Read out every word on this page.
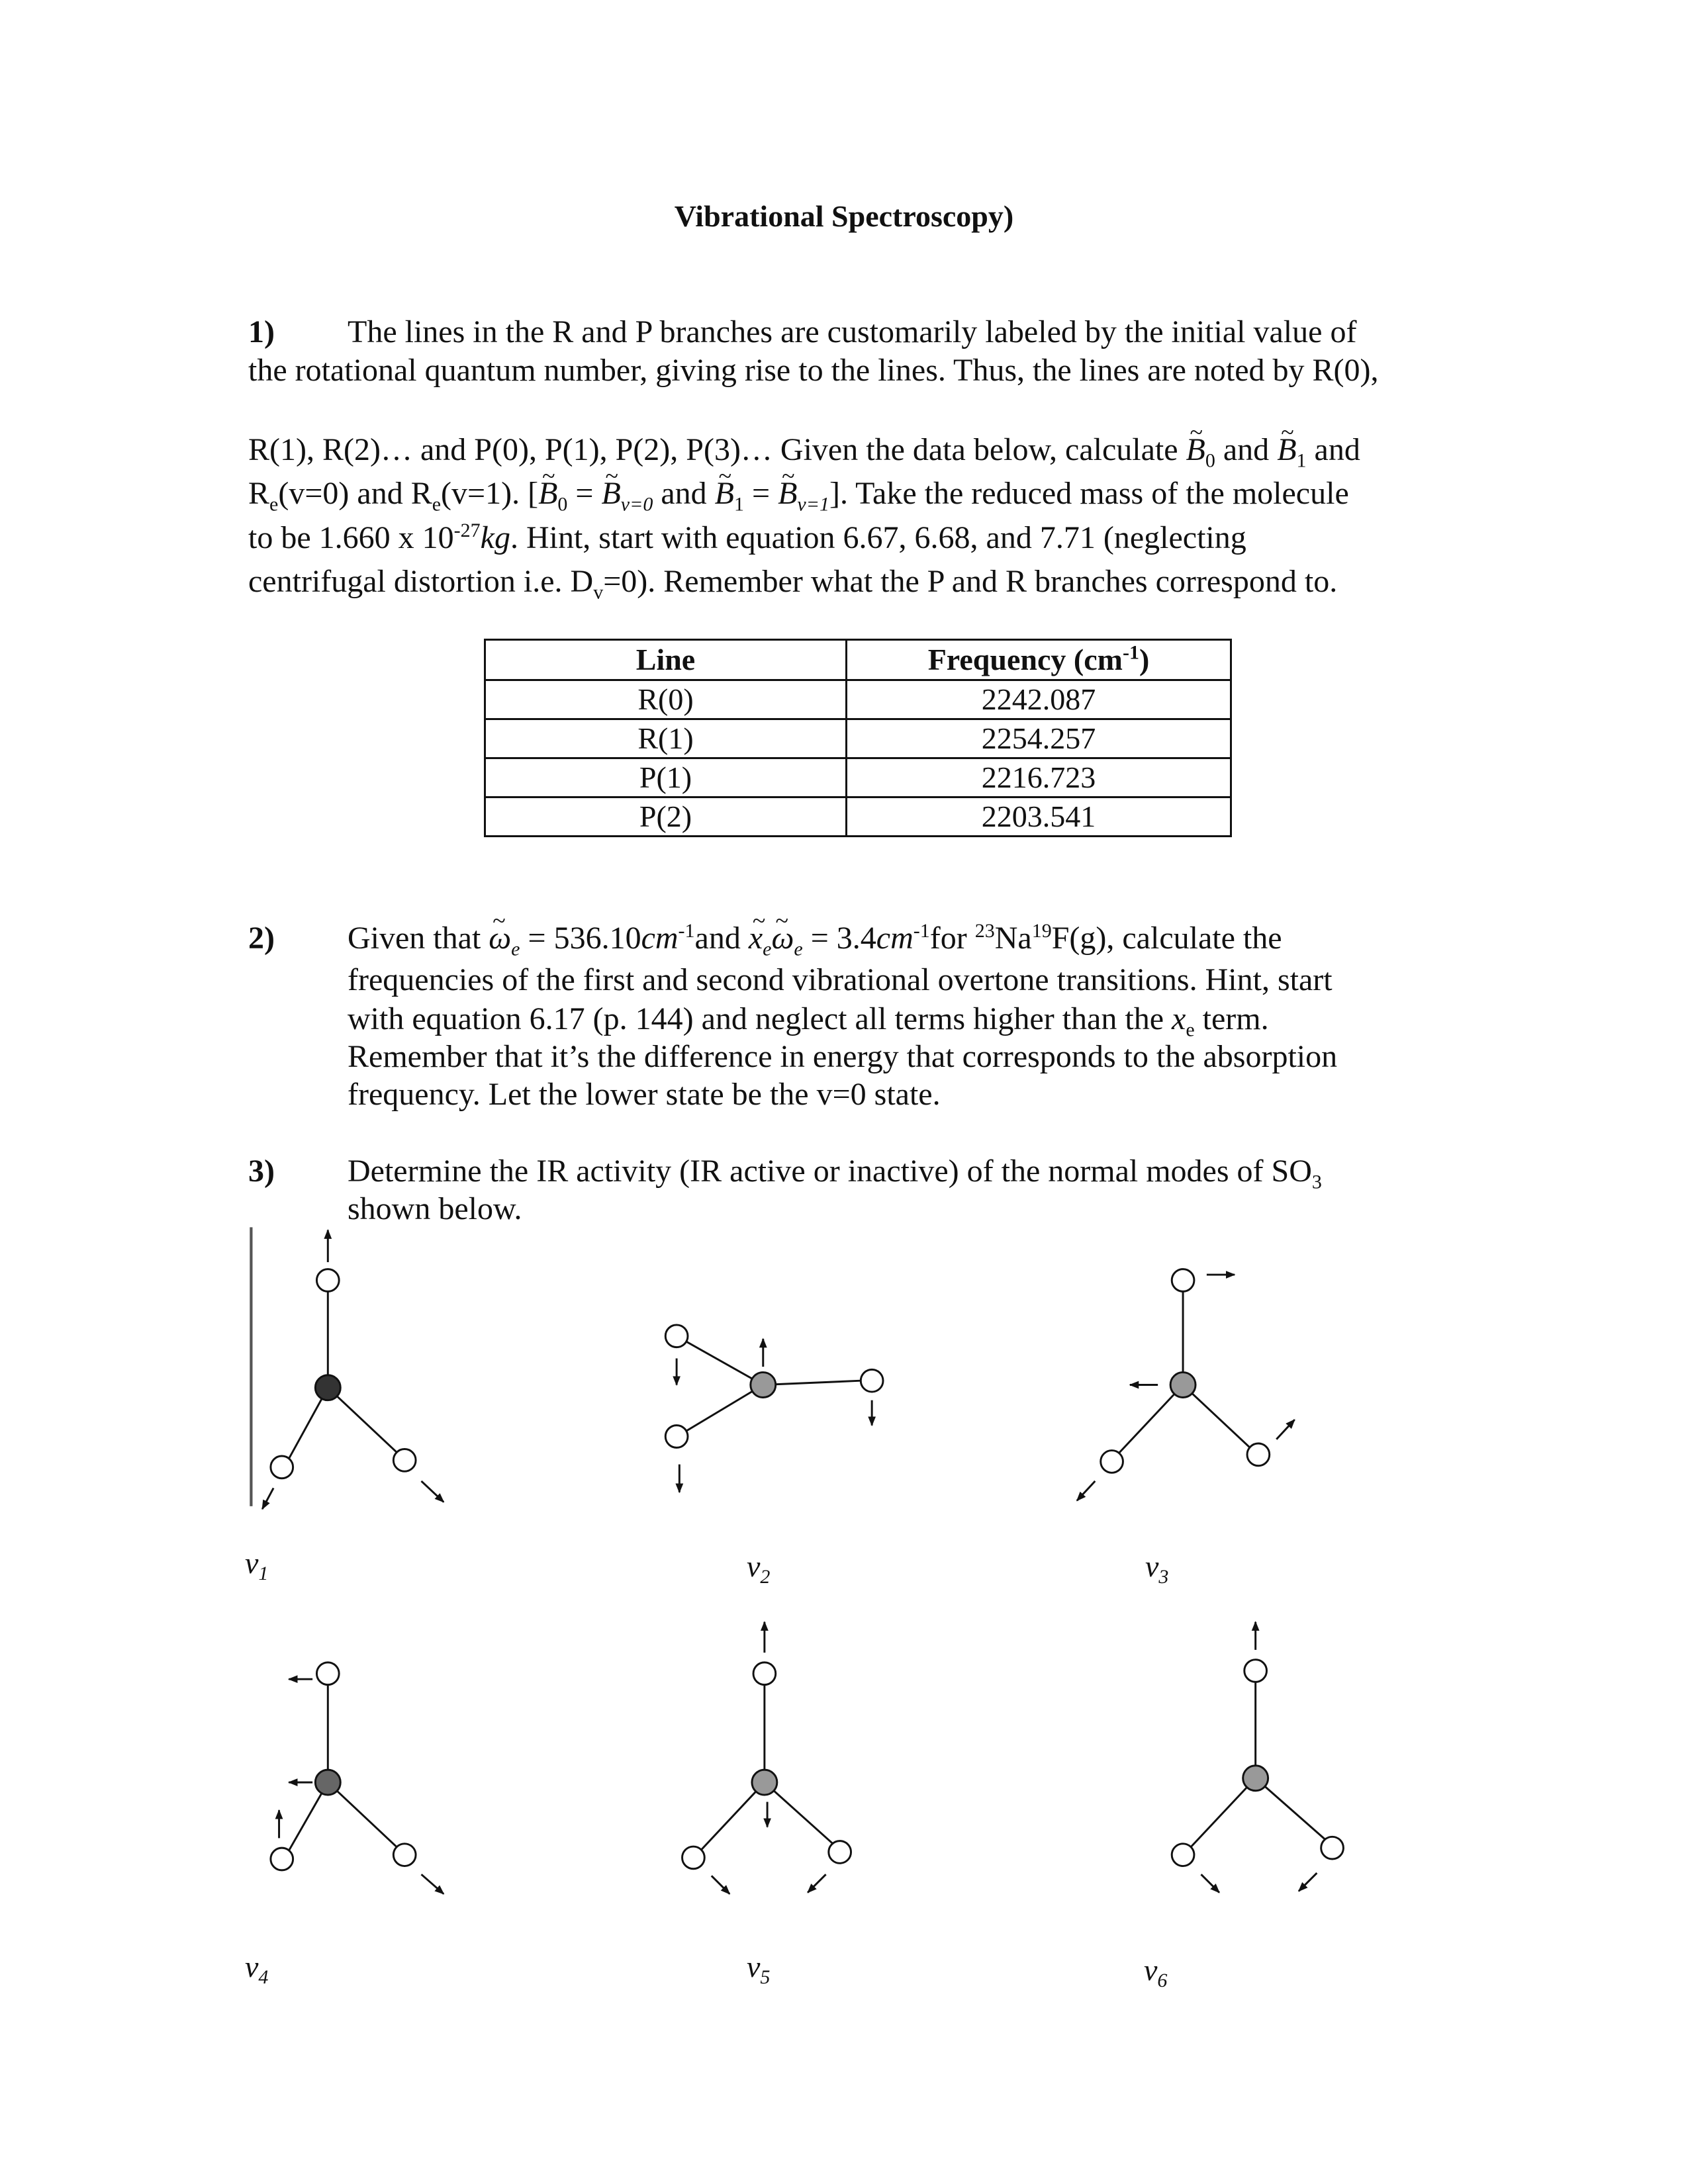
Vibrational Spectroscopy)
1) The lines in the R and P branches are customarily labeled by the initial value of
the rotational quantum number, giving rise to the lines. Thus, the lines are noted by R(0),
R(1), R(2)… and P(0), P(1), P(2), P(3)… Given the data below, calculate ~ $B_0$ and ~ $B_1$ and
$R_e(v=0)$ and $R_e(v=1)$. [~ $B_0$ = ~ $B_{v=0}$ and ~ $B_1$ = ~ $B_{v=1}$]. Take the reduced mass of the molecule
to be 1.660 x $10^{-27}kg$. Hint, start with equation 6.67, 6.68, and 7.71 (neglecting
centrifugal distortion i.e. $D_v=0$). Remember what the P and R branches correspond to.
Line	Frequency $(cm^{-1})$
R(0)	2242.087
R(1)	2254.257
P(1)	2216.723
P(2)	2203.541
2) Given that ~ $\omega_e = 536.10cm^{-1}and$ ~ $x_e\sim$ $\omega_e = 3.4cm^{-1}for$ $^{23}$Na$^{19}$F(g), calculate the
frequencies of the first and second vibrational overtone transitions. Hint, start
with equation 6.17 (p. 144) and neglect all terms higher than the $x_e$ term.
Remember that it’s the difference in energy that corresponds to the absorption
frequency. Let the lower state be the v=0 state.
3) Determine the IR activity (IR active or inactive) of the normal modes of $SO_3$
shown below.
$\nu_1$	$\nu_2$	$\nu_3$
$\nu_4$	$\nu_5$	$\nu_6$
